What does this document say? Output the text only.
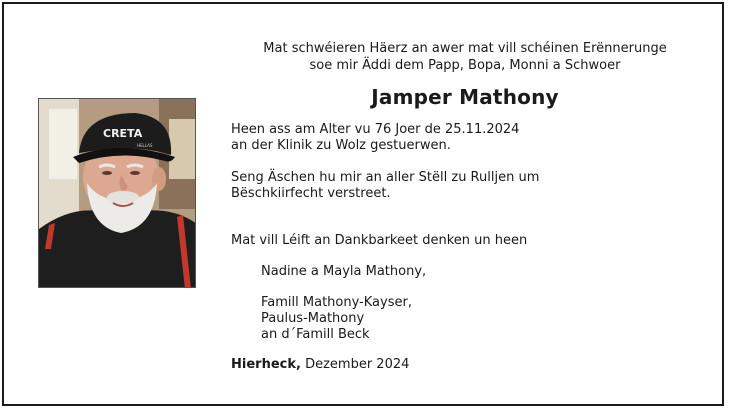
Mat schwéieren Häerz an awer mat vill schéinen Erënnerunge
soe mir Äddi dem Papp, Bopa, Monni a Schwoer

Jamper Mathony
CRETA
HELLAS

Heen ass am Alter vu 76 Joer de 25.11.2024
an der Klinik zu Wolz gestuerwen.

Seng Äschen hu mir an aller Stëll zu Rulljen um
Bëschkiirfecht verstreet.

Mat vill Léift an Dankbarkeet denken un heen

Nadine a Mayla Mathony,

Famill Mathony-Kayser,
Paulus-Mathony
an d´Famill Beck

Hierheck, Dezember 2024
